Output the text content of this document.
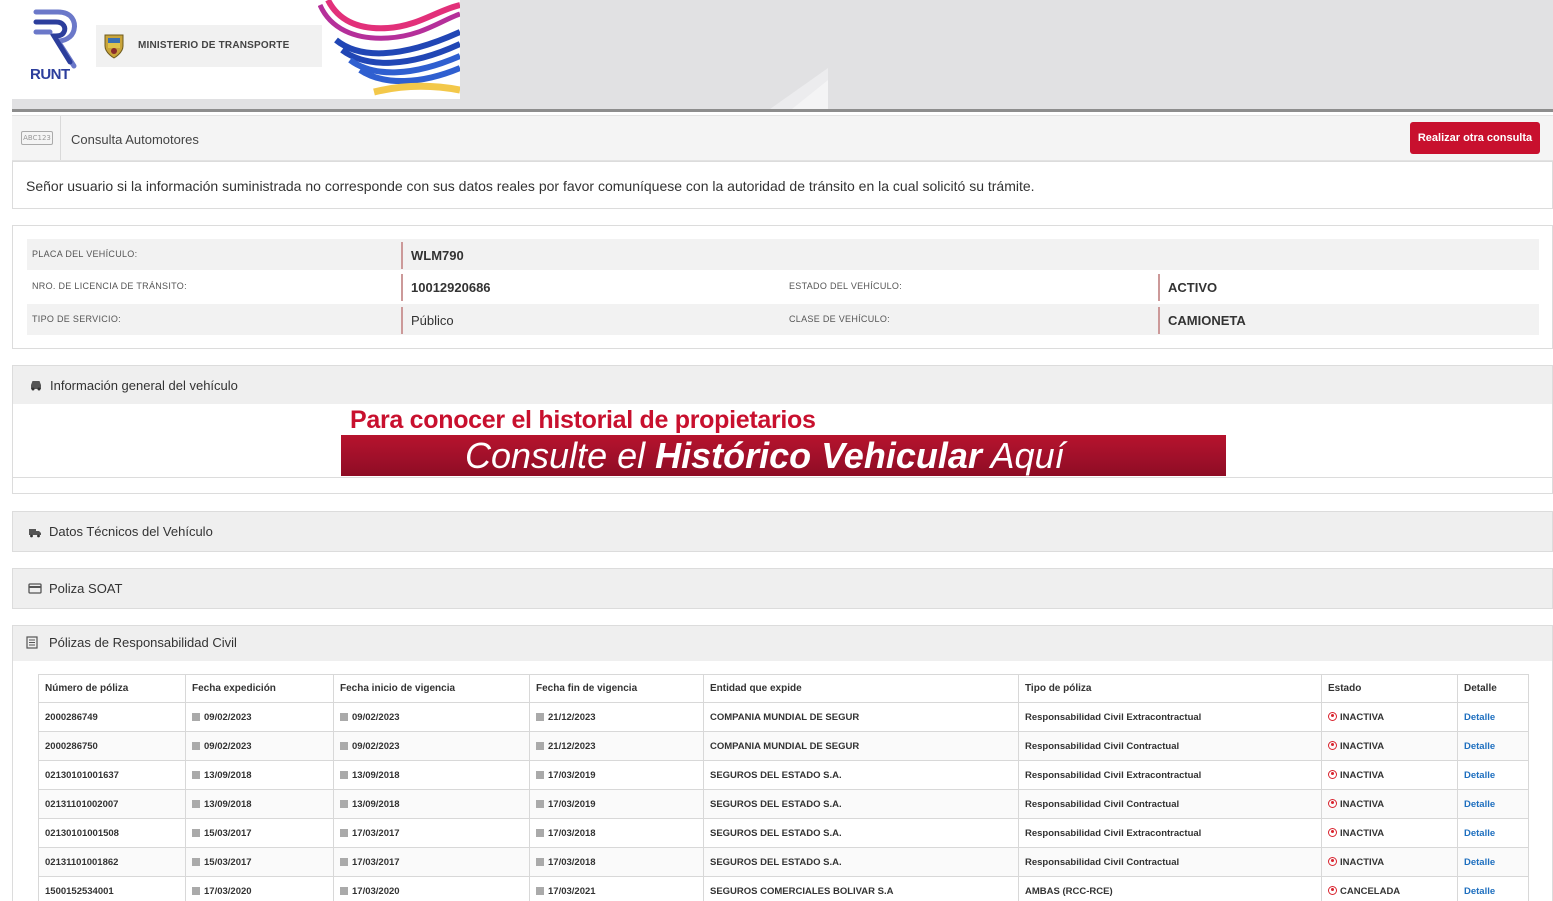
RUNT
MINISTERIO DE TRANSPORTE
ABC123 Consulta Automotores	Realizar otra consulta
Señor usuario si la información suministrada no corresponde con sus datos reales por favor comuníquese con la autoridad de tránsito en la cual solicitó su trámite.
PLACA DEL VEHÍCULO:	WLM790
NRO. DE LICENCIA DE TRÁNSITO:	10012920686	ESTADO DEL VEHÍCULO:	ACTIVO
TIPO DE SERVICIO:	Público	CLASE DE VEHÍCULO:	CAMIONETA
Información general del vehículo
Para conocer el historial de propietarios
Consulte el Histórico Vehicular Aquí
Datos Técnicos del Vehículo
Poliza SOAT
Pólizas de Responsabilidad Civil
Número de póliza	Fecha expedición	Fecha inicio de vigencia	Fecha fin de vigencia	Entidad que expide	Tipo de póliza	Estado	Detalle
2000286749	09/02/2023	09/02/2023	21/12/2023	COMPANIA MUNDIAL DE SEGUR	Responsabilidad Civil Extracontractual	INACTIVA	Detalle
2000286750	09/02/2023	09/02/2023	21/12/2023	COMPANIA MUNDIAL DE SEGUR	Responsabilidad Civil Contractual	INACTIVA	Detalle
02130101001637	13/09/2018	13/09/2018	17/03/2019	SEGUROS DEL ESTADO S.A.	Responsabilidad Civil Extracontractual	INACTIVA	Detalle
02131101002007	13/09/2018	13/09/2018	17/03/2019	SEGUROS DEL ESTADO S.A.	Responsabilidad Civil Contractual	INACTIVA	Detalle
02130101001508	15/03/2017	17/03/2017	17/03/2018	SEGUROS DEL ESTADO S.A.	Responsabilidad Civil Extracontractual	INACTIVA	Detalle
02131101001862	15/03/2017	17/03/2017	17/03/2018	SEGUROS DEL ESTADO S.A.	Responsabilidad Civil Contractual	INACTIVA	Detalle
1500152534001	17/03/2020	17/03/2020	17/03/2021	SEGUROS COMERCIALES BOLIVAR S.A	AMBAS (RCC-RCE)	CANCELADA	Detalle
